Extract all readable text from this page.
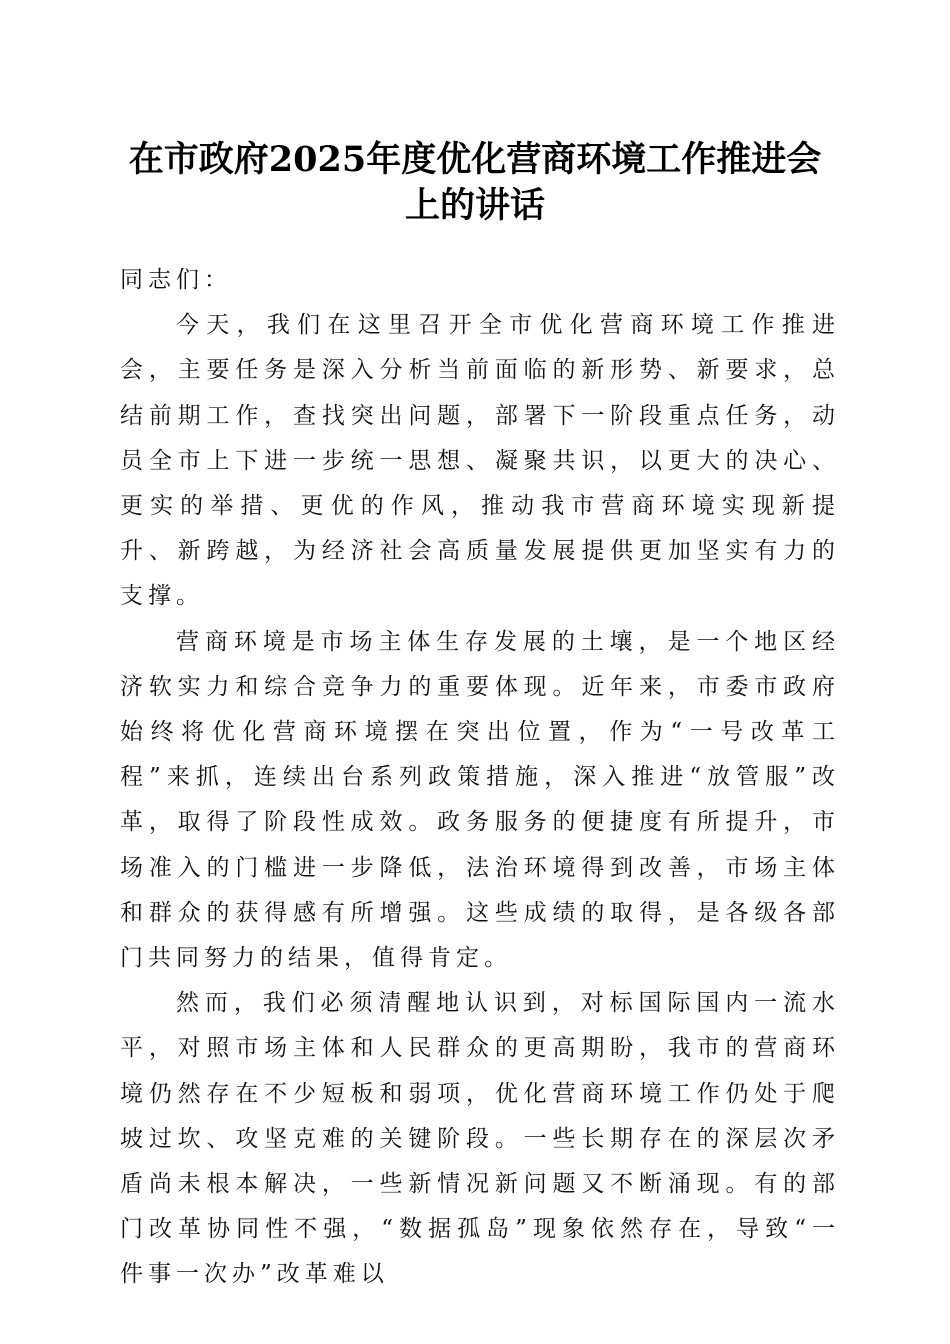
在市政府2025年度优化营商环境工作推进会
上的讲话

同志们：

今天，我们在这里召开全市优化营商环境工作推进会，主要任务是深入分析当前面临的新形势、新要求，总结前期工作，查找突出问题，部署下一阶段重点任务，动员全市上下进一步统一思想、凝聚共识，以更大的决心、更实的举措、更优的作风，推动我市营商环境实现新提升、新跨越，为经济社会高质量发展提供更加坚实有力的支撑。

营商环境是市场主体生存发展的土壤，是一个地区经济软实力和综合竞争力的重要体现。近年来，市委市政府始终将优化营商环境摆在突出位置，作为“一号改革工程”来抓，连续出台系列政策措施，深入推进“放管服”改革，取得了阶段性成效。政务服务的便捷度有所提升，市场准入的门槛进一步降低，法治环境得到改善，市场主体和群众的获得感有所增强。这些成绩的取得，是各级各部门共同努力的结果，值得肯定。

然而，我们必须清醒地认识到，对标国际国内一流水平，对照市场主体和人民群众的更高期盼，我市的营商环境仍然存在不少短板和弱项，优化营商环境工作仍处于爬坡过坎、攻坚克难的关键阶段。一些长期存在的深层次矛盾尚未根本解决，一些新情况新问题又不断涌现。有的部门改革协同性不强，“数据孤岛”现象依然存在，导致“一件事一次办”改革难以
